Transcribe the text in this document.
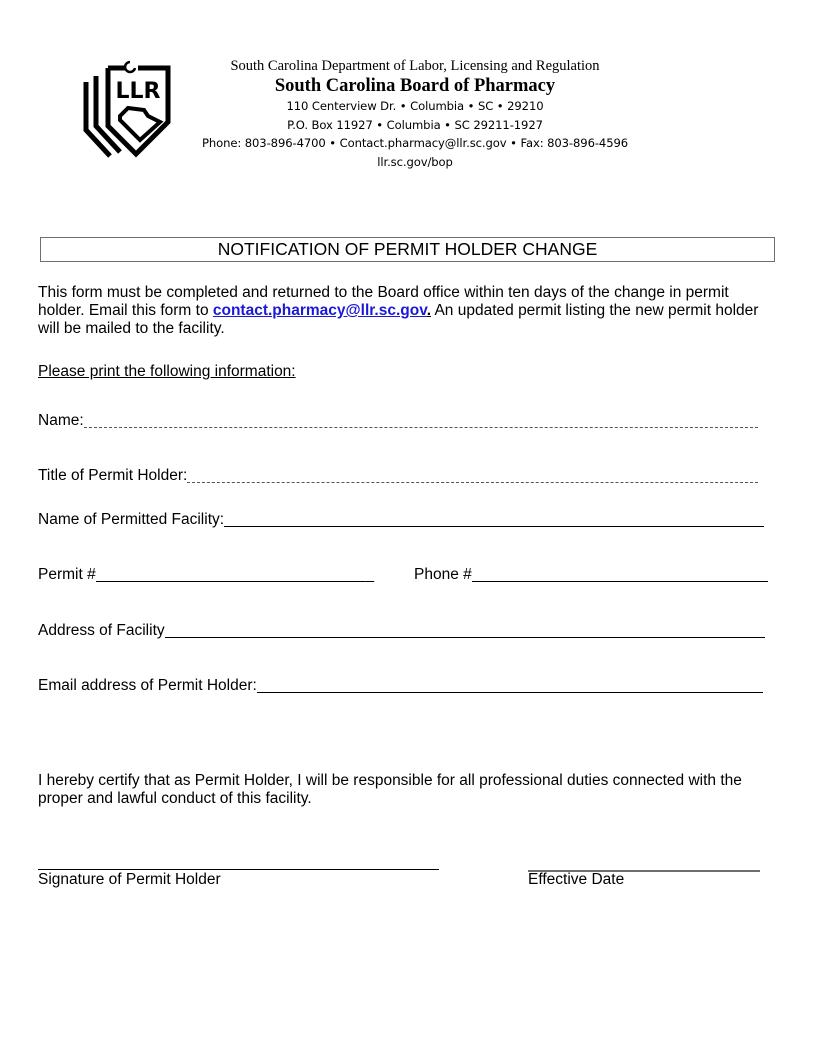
LLR
South Carolina Department of Labor, Licensing and Regulation
South Carolina Board of Pharmacy
110 Centerview Dr. • Columbia • SC • 29210
P.O. Box 11927 • Columbia • SC 29211-1927
Phone: 803-896-4700 • Contact.pharmacy@llr.sc.gov • Fax: 803-896-4596
llr.sc.gov/bop
NOTIFICATION OF PERMIT HOLDER CHANGE
This form must be completed and returned to the Board office within ten days of the change in permit holder. Email this form to contact.pharmacy@llr.sc.gov. An updated permit listing the new permit holder will be mailed to the facility.
Please print the following information:
Name:
Title of Permit Holder:
Name of Permitted Facility:
Permit #	_	Phone #
Address of Facility
Email address of Permit Holder:
I hereby certify that as Permit Holder, I will be responsible for all professional duties connected with the proper and lawful conduct of this facility.
Signature of Permit Holder	Effective Date
